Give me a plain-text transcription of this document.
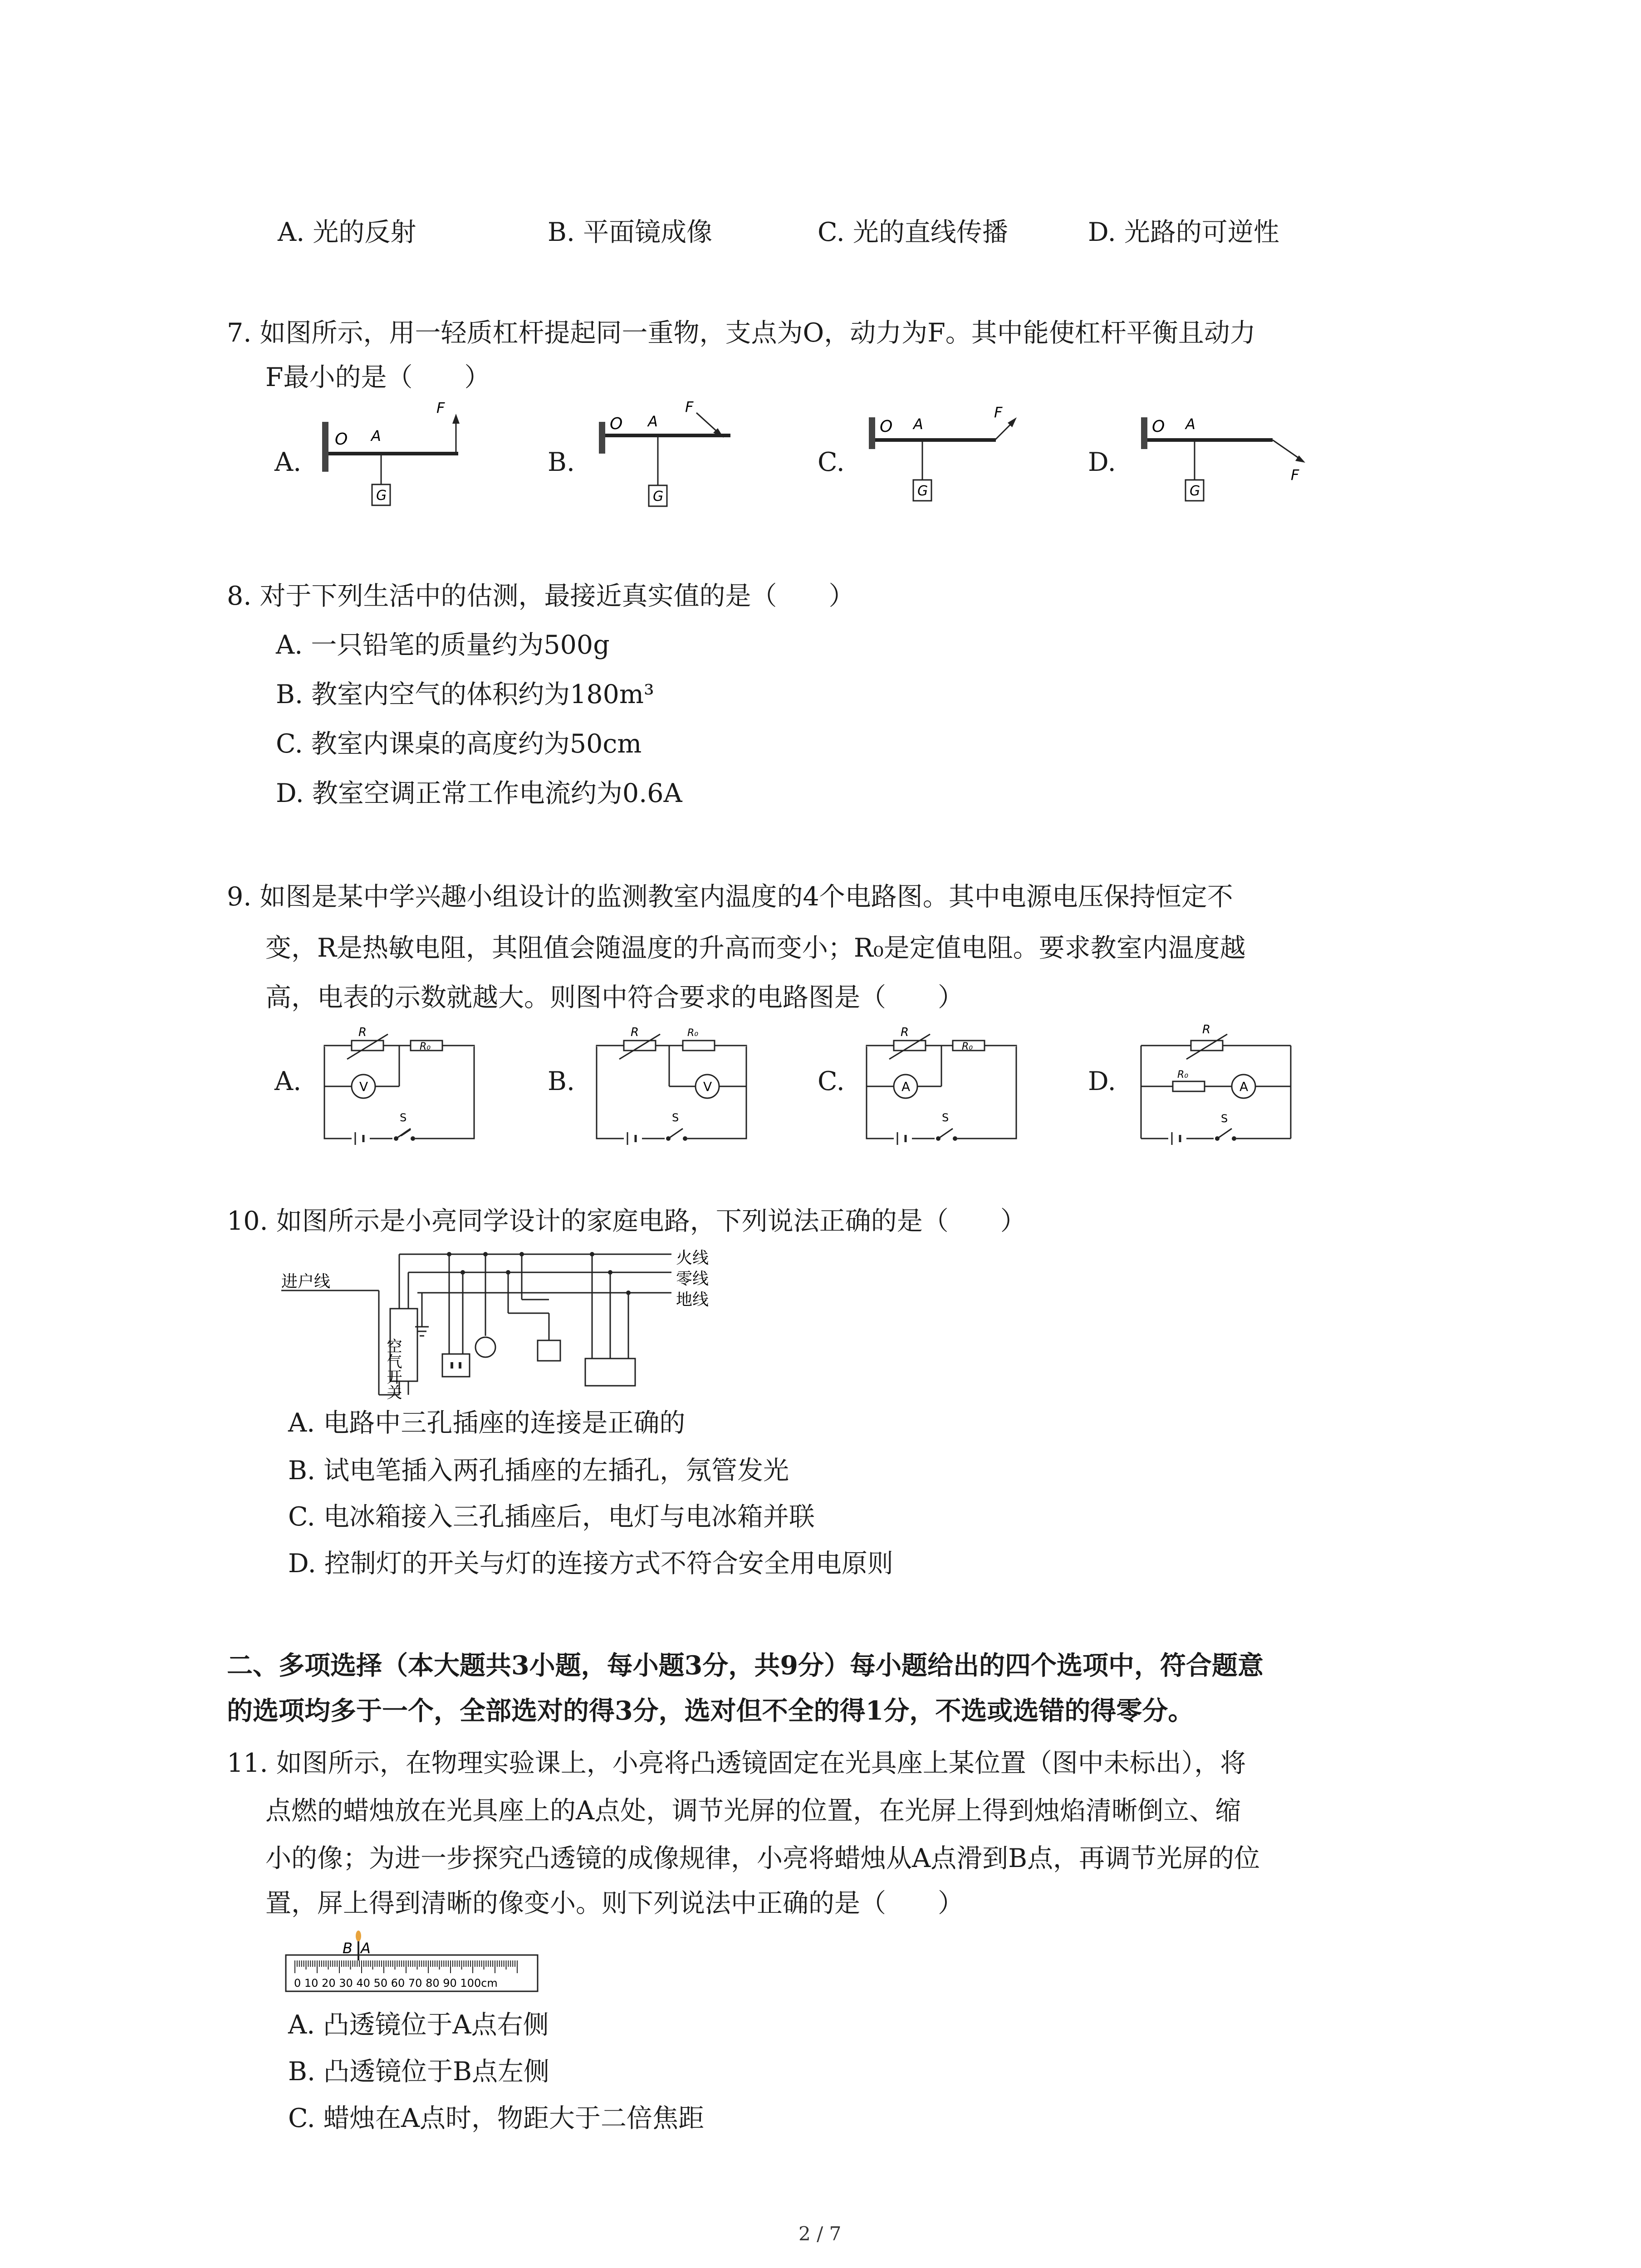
A. 光的反射	B. 平面镜成像	C. 光的直线传播	D. 光路的可逆性
7. 如图所示，用一轻质杠杆提起同一重物，支点为O，动力为F。其中能使杠杆平衡且动力
F最小的是（　　）
A.	B.	C.	D.
O A
G
F
O A
G
F
O A
G
F
O A
G
F
8. 对于下列生活中的估测，最接近真实值的是（　　）
A. 一只铅笔的质量约为500g
B. 教室内空气的体积约为180m³
C. 教室内课桌的高度约为50cm
D. 教室空调正常工作电流约为0.6A
9. 如图是某中学兴趣小组设计的监测教室内温度的4个电路图。其中电源电压保持恒定不
变，R是热敏电阻，其阻值会随温度的升高而变小；R₀是定值电阻。要求教室内温度越
高，电表的示数就越大。则图中符合要求的电路图是（　　）
A.	B.	C.	D.
R
R₀
V
S
R	R₀
V
S
R
R₀
A
S
R
R₀
A
S
10. 如图所示是小亮同学设计的家庭电路，下列说法正确的是（　　）
进户线
火线
零线
地线
空气开关
A. 电路中三孔插座的连接是正确的
B. 试电笔插入两孔插座的左插孔，氖管发光
C. 电冰箱接入三孔插座后，电灯与电冰箱并联
D. 控制灯的开关与灯的连接方式不符合安全用电原则
二、多项选择（本大题共3小题，每小题3分，共9分）每小题给出的四个选项中，符合题意
的选项均多于一个，全部选对的得3分，选对但不全的得1分，不选或选错的得零分。
11. 如图所示，在物理实验课上，小亮将凸透镜固定在光具座上某位置（图中未标出），将
点燃的蜡烛放在光具座上的A点处，调节光屏的位置，在光屏上得到烛焰清晰倒立、缩
小的像；为进一步探究凸透镜的成像规律，小亮将蜡烛从A点滑到B点，再调节光屏的位
置，屏上得到清晰的像变小。则下列说法中正确的是（　　）
B A
0 10 20 30 40 50 60 70 80 90 100cm
A. 凸透镜位于A点右侧
B. 凸透镜位于B点左侧
C. 蜡烛在A点时，物距大于二倍焦距
2 / 7
